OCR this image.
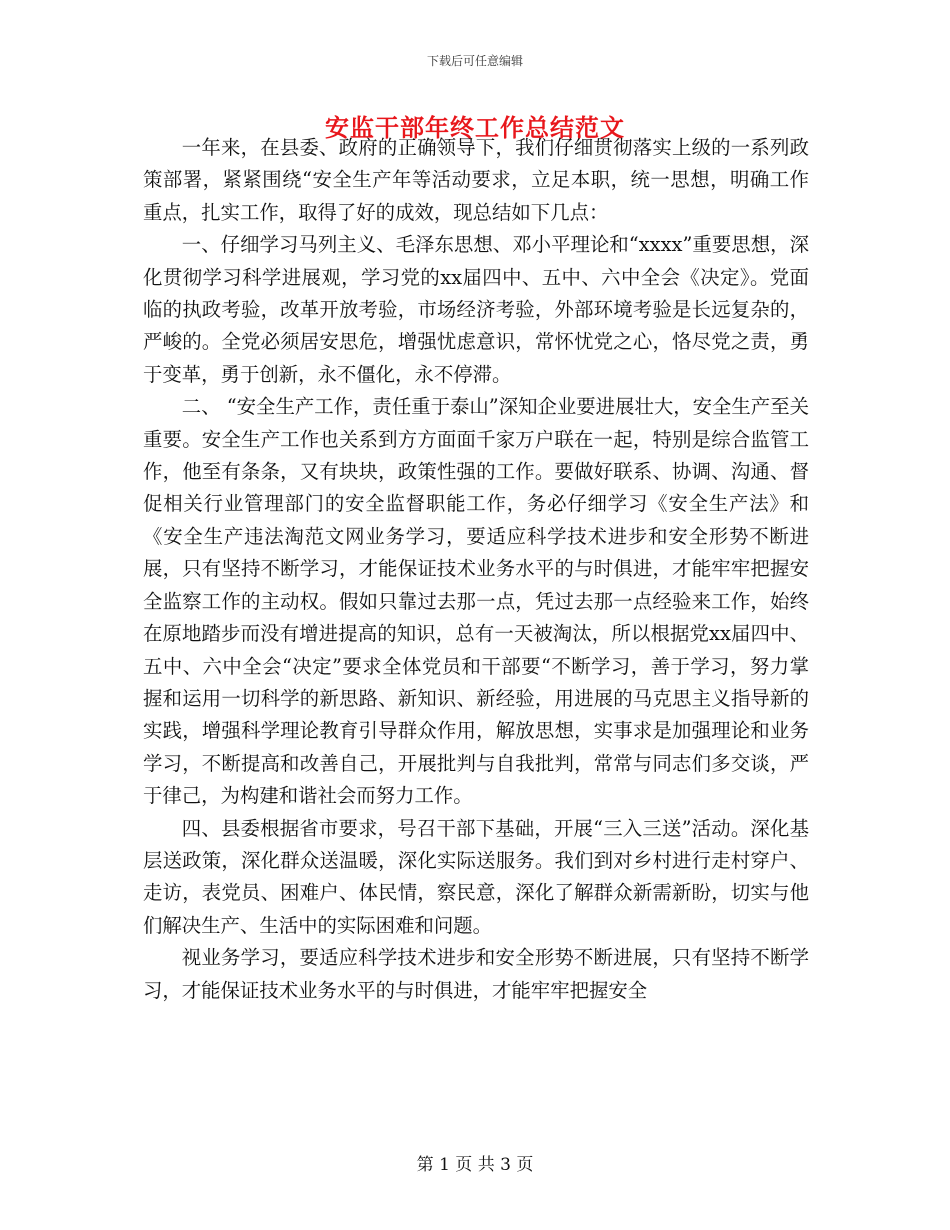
下载后可任意编辑
安监干部年终工作总结范文

一年来，在县委、政府的正确领导下，我们仔细贯彻落实上级的一系列政策部署，紧紧围绕“安全生产年等活动要求，立足本职，统一思想，明确工作重点，扎实工作，取得了好的成效，现总结如下几点：

一、仔细学习马列主义、毛泽东思想、邓小平理论和“xxxx”重要思想，深化贯彻学习科学进展观，学习党的xx届四中、五中、六中全会《决定》。党面临的执政考验，改革开放考验，市场经济考验，外部环境考验是长远复杂的，严峻的。全党必须居安思危，增强忧虑意识，常怀忧党之心，恪尽党之责，勇于变革，勇于创新，永不僵化，永不停滞。

二、 “安全生产工作，责任重于泰山”深知企业要进展壮大，安全生产至关重要。安全生产工作也关系到方方面面千家万户联在一起，特别是综合监管工作，他至有条条，又有块块，政策性强的工作。要做好联系、协调、沟通、督促相关行业管理部门的安全监督职能工作，务必仔细学习《安全生产法》和《安全生产违法淘范文网业务学习，要适应科学技术进步和安全形势不断进展，只有坚持不断学习，才能保证技术业务水平的与时俱进，才能牢牢把握安全监察工作的主动权。假如只靠过去那一点，凭过去那一点经验来工作，始终在原地踏步而没有增进提高的知识，总有一天被淘汰，所以根据党xx届四中、五中、六中全会“决定”要求全体党员和干部要“不断学习，善于学习，努力掌握和运用一切科学的新思路、新知识、新经验，用进展的马克思主义指导新的实践，增强科学理论教育引导群众作用，解放思想，实事求是加强理论和业务学习，不断提高和改善自己，开展批判与自我批判，常常与同志们多交谈，严于律己，为构建和谐社会而努力工作。

四、县委根据省市要求，号召干部下基础，开展“三入三送”活动。深化基层送政策，深化群众送温暖，深化实际送服务。我们到对乡村进行走村穿户、走访，表党员、困难户、体民情，察民意，深化了解群众新需新盼，切实与他们解决生产、生活中的实际困难和问题。

视业务学习，要适应科学技术进步和安全形势不断进展，只有坚持不断学习，才能保证技术业务水平的与时俱进，才能牢牢把握安全

第 1 页 共 3 页
